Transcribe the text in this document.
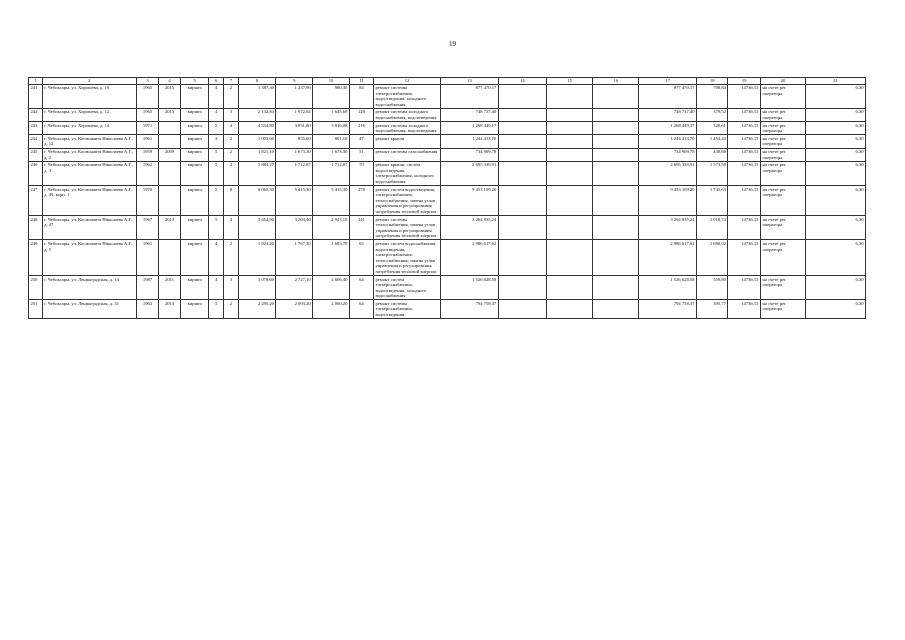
19
1	2	3	4	5	6	7	8	9	10	11	12	13	14	15	16	17	18	19	20	21
241	г. Чебоксары, ул. Хорошева, д. 10	1965	2015	кирпич	4	2	1 387,30	1 237,90	980,30	84	ремонт системы электроснабжения, водоотведения, холодного водоснабжения	877 470,17				877 470,17	708,84	14736,15	на счете рег. оператора	6,30
242	г. Чебоксары, ул. Хорошева, д. 12	1965	2015	кирпич	4	3	2 132,84	1 972,84	1 645,69	128	ремонт системы холодного водоснабжения, водоотведения	748 737,40				748 737,40	379,52	14736,15	на счете рег. оператора	6,30
243	г. Чебоксары, ул. Хорошева, д. 14	1971		кирпич	5	4	4 334,80	3 931,80	3 816,08	216	ремонт системы холодного водоснабжения, водоотведения	1 268 449,17				1 268 449,17	320,61	14736,15	на счете рег. оператора	6,30
244	г. Чебоксары, ул. Космонавта Николаева А.Г., д. 12	1961		кирпич	3	2	1 003,60	855,60	801,10	47	ремонт крыши	1 244 413,70				1 244 413,70	1 454,43	14736,15	на счете рег. оператора	6,30
245	г. Чебоксары, ул. Космонавта Николаева А.Г., д. 2	1959	2009	кирпич	5	2	1 821,10	1 673,30	1 673,30	51	ремонт системы газоснабжения	734 909,78				734 909,78	438,66	14736,15	на счете рег. оператора	6,30
246	г. Чебоксары, ул. Космонавта Николаева А.Г., д. 3	1962		кирпич	5	2	1 884,27	1 712,87	1 712,87	70	ремонт крыши, систем водоотведения, электроснабжения, холодного водоснабжения	2 695 339,91				2 695 339,91	1 573,58	14736,15	на счете рег. оператора	6,30
247	г. Чебоксары, ул. Космонавта Николаева А.Г., д. 49, корп. 1	1970		кирпич	5	8	6 065,30	5 415,30	5 415,30	278	ремонт систем водоотведения, электроснабжения, теплоснабжения, замена узлов управления и регулирования потребления тепловой энергии	9 453 109,20				9 453 109,20	1 745,63	14736,15	на счете рег. оператора	6,30
248	г. Чебоксары, ул. Космонавта Николаева А.Г., д. 47	1967	2013	кирпич	5	4	3 454,90	3 204,40	2 943,10	141	ремонт системы теплоснабжения, замена узлов управления и регулирования потребления тепловой энергии	3 264 835,24				3 264 835,24	1 018,74	14736,15	на счете рег. оператора	6,30
249	г. Чебоксары, ул. Космонавта Николаева А.Г., д. 5	1961		кирпич	4	2	1 924,20	1 767,20	1 683,70	65	ремонт систем водоснабжения, водоотведения, электроснабжения, теплоснабжения, замена узлов управления и регулирования потребления тепловой энергии	2 986 617,62				2 986 617,62	1 690,02	14736,15	на счете рег. оператора	6,30
250	г. Чебоксары, ул. Ленинградская, д. 14	1987	2011	кирпич	4	3	3 070,60	2 727,10	2 606,40	64	ремонт систем электроснабжения, водоотведения, холодного водоснабжения	1 526 628,58				1 526 628,58	559,80	14736,15	на счете рег. оператора	6,30
251	г. Чебоксары, ул. Ленинградская, д. 31	1963	2013	кирпич	5	2	2 295,20	2 093,20	2 060,20	64	ремонт системы электроснабжения, водоотведения	794 758,37				794 758,37	395,77	14736,15	на счете рег. оператора	6,30
